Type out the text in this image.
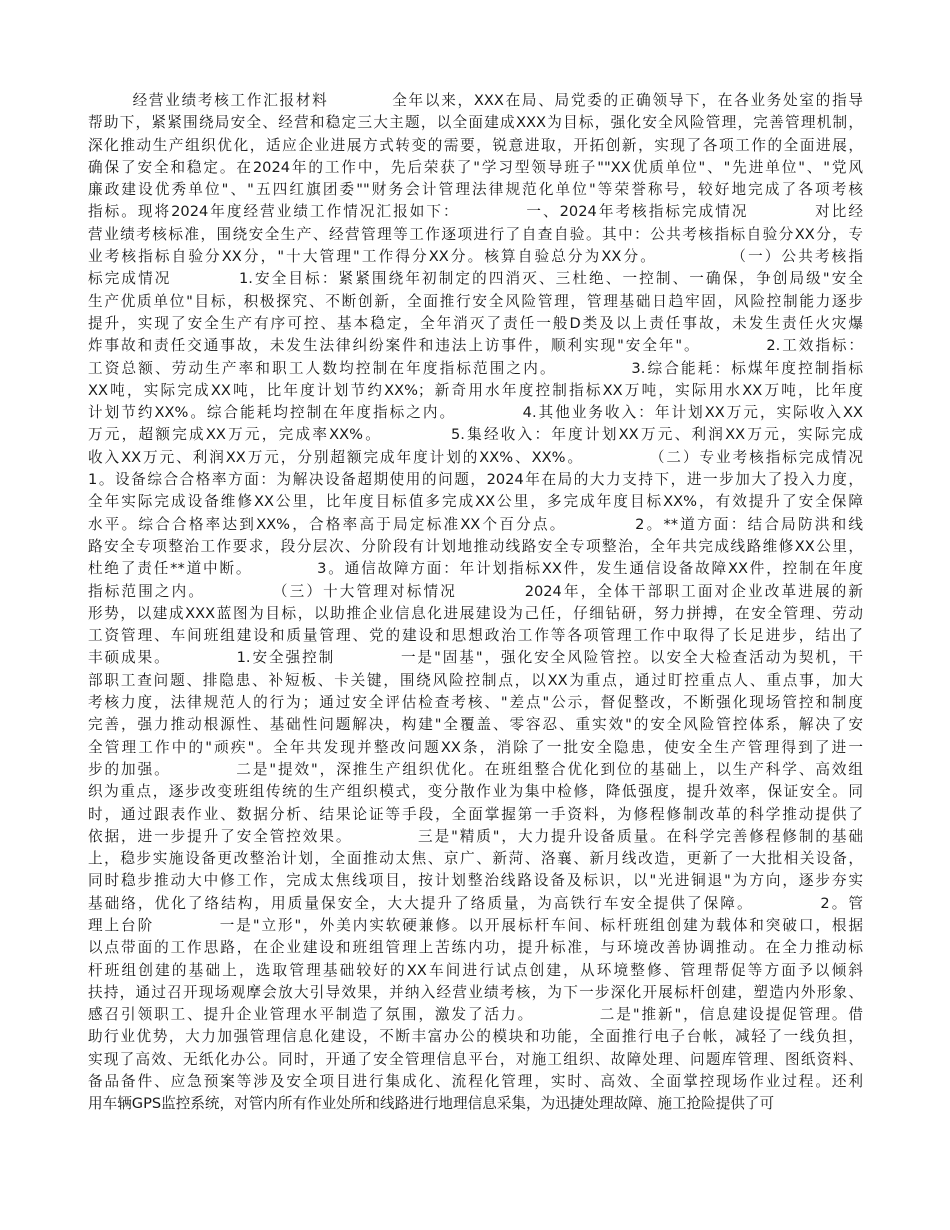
经营业绩考核工作汇报材料          全年以来，XXX在局、局党委的正确领导下，在各业务处室的指导
帮助下，紧紧围绕局安全、经营和稳定三大主题，以全面建成XXX为目标，强化安全风险管理，完善管理机制，
深化推动生产组织优化，适应企业进展方式转变的需要，锐意进取，开拓创新，实现了各项工作的全面进展，
确保了安全和稳定。在2024年的工作中，先后荣获了"学习型领导班子""XX优质单位"、"先进单位"、"党风
廉政建设优秀单位"、"五四红旗团委""财务会计管理法律规范化单位"等荣誉称号，较好地完成了各项考核
指标。现将2024年度经营业绩工作情况汇报如下：          一、2024年考核指标完成情况          对比经
营业绩考核标准，围绕安全生产、经营管理等工作逐项进行了自查自验。其中：公共考核指标自验分XX分，专
业考核指标自验分XX分，"十大管理"工作得分XX分。核算自验总分为XX分。           （一）公共考核指
标完成情况          1.安全目标：紧紧围绕年初制定的四消灭、三杜绝、一控制、一确保，争创局级"安全
生产优质单位"目标，积极探究、不断创新，全面推行安全风险管理，管理基础日趋牢固，风险控制能力逐步
提升，实现了安全生产有序可控、基本稳定，全年消灭了责任一般D类及以上责任事故，未发生责任火灾爆
炸事故和责任交通事故，未发生法律纠纷案件和违法上访事件，顺利实现"安全年"。          2.工效指标：
工资总额、劳动生产率和职工人数均控制在年度指标范围之内。           3.综合能耗：标煤年度控制指标
XX吨，实际完成XX吨，比年度计划节约XX%；新奇用水年度控制指标XX万吨，实际用水XX万吨，比年度
计划节约XX%。综合能耗均控制在年度指标之内。          4.其他业务收入：年计划XX万元，实际收入XX
万元，超额完成XX万元，完成率XX%。          5.集经收入：年度计划XX万元、利润XX万元，实际完成
收入XX万元、利润XX万元，分别超额完成年度计划的XX%、XX%。          （二）专业考核指标完成情况
1。设备综合合格率方面：为解决设备超期使用的问题，2024年在局的大力支持下，进一步加大了投入力度，
全年实际完成设备维修XX公里，比年度目标值多完成XX公里，多完成年度目标XX%，有效提升了安全保障
水平。综合合格率达到XX%，合格率高于局定标准XX个百分点。          2。**道方面：结合局防洪和线
路安全专项整治工作要求，段分层次、分阶段有计划地推动线路安全专项整治，全年共完成线路维修XX公里，
杜绝了责任**道中断。          3。通信故障方面：年计划指标XX件，发生通信设备故障XX件，控制在年度
指标范围之内。          （三）十大管理对标情况          2024年，全体干部职工面对企业改革进展的新
形势，以建成XXX蓝图为目标，以助推企业信息化进展建设为己任，仔细钻研，努力拼搏，在安全管理、劳动
工资管理、车间班组建设和质量管理、党的建设和思想政治工作等各项管理工作中取得了长足进步，结出了
丰硕成果。          1.安全强控制          一是"固基"，强化安全风险管控。以安全大检查活动为契机，干
部职工查问题、排隐患、补短板、卡关键，围绕风险控制点，以XX为重点，通过盯控重点人、重点事，加大
考核力度，法律规范人的行为；通过安全评估检查考核、"差点"公示，督促整改，不断强化现场管控和制度
完善，强力推动根源性、基础性问题解决，构建"全覆盖、零容忍、重实效"的安全风险管控体系，解决了安
全管理工作中的"顽疾"。全年共发现并整改问题XX条，消除了一批安全隐患，使安全生产管理得到了进一
步的加强。          二是"提效"，深推生产组织优化。在班组整合优化到位的基础上，以生产科学、高效组
织为重点，逐步改变班组传统的生产组织模式，变分散作业为集中检修，降低强度，提升效率，保证安全。同
时，通过跟表作业、数据分析、结果论证等手段，全面掌握第一手资料，为修程修制改革的科学推动提供了
依据，进一步提升了安全管控效果。          三是"精质"，大力提升设备质量。在科学完善修程修制的基础
上，稳步实施设备更改整治计划，全面推动太焦、京广、新菏、洛襄、新月线改造，更新了一大批相关设备，
同时稳步推动大中修工作，完成太焦线项目，按计划整治线路设备及标识，以"光进铜退"为方向，逐步夯实
基础络，优化了络结构，用质量保安全，大大提升了络质量，为高铁行车安全提供了保障。          2。管
理上台阶          一是"立形"，外美内实软硬兼修。以开展标杆车间、标杆班组创建为载体和突破口，根据
以点带面的工作思路，在企业建设和班组管理上苦练内功，提升标准，与环境改善协调推动。在全力推动标
杆班组创建的基础上，选取管理基础较好的XX车间进行试点创建，从环境整修、管理帮促等方面予以倾斜
扶持，通过召开现场观摩会放大引导效果，并纳入经营业绩考核，为下一步深化开展标杆创建，塑造内外形象、
感召引领职工、提升企业管理水平制造了氛围，激发了活力。          二是"推新"，信息建设提促管理。借
助行业优势，大力加强管理信息化建设，不断丰富办公的模块和功能，全面推行电子台帐，减轻了一线负担，
实现了高效、无纸化办公。同时，开通了安全管理信息平台，对施工组织、故障处理、问题库管理、图纸资料、
备品备件、应急预案等涉及安全项目进行集成化、流程化管理，实时、高效、全面掌控现场作业过程。还利
用车辆GPS监控系统，对管内所有作业处所和线路进行地理信息采集，为迅捷处理故障、施工抢险提供了可
